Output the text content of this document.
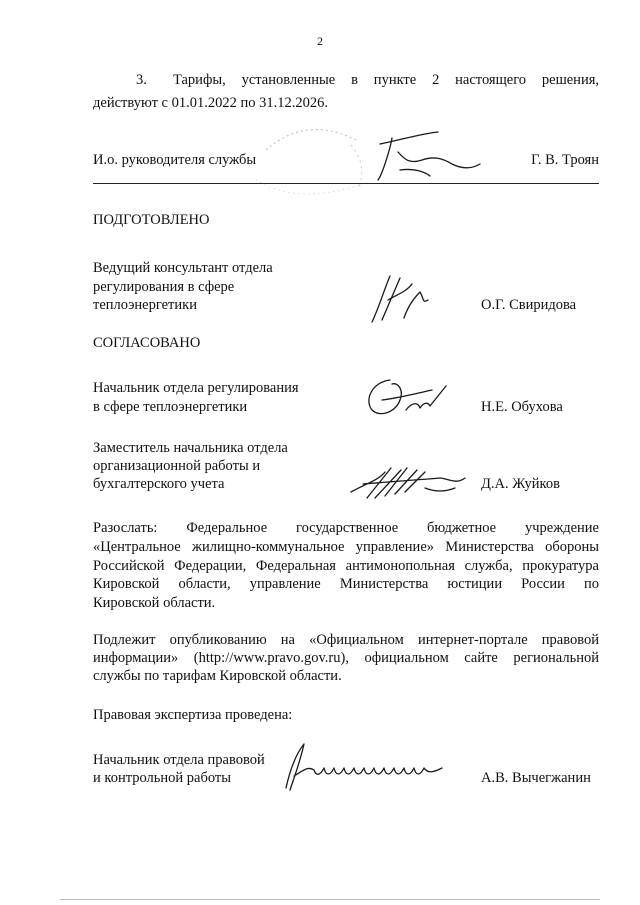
2
3. Тарифы, установленные в пункте 2 настоящего решения,
действуют с 01.01.2022 по 31.12.2026.
И.о. руководителя службы	Г. В. Троян
ПОДГОТОВЛЕНО
Ведущий консультант отдела
регулирования в сфере
теплоэнергетики	О.Г. Свиридова
СОГЛАСОВАНО
Начальник отдела регулирования
в сфере теплоэнергетики	Н.Е. Обухова
Заместитель начальника отдела
организационной работы и
бухгалтерского учета	Д.А. Жуйков
Разослать: Федеральное государственное бюджетное учреждение
«Центральное жилищно-коммунальное управление» Министерства обороны
Российской Федерации, Федеральная антимонопольная служба, прокуратура
Кировской области, управление Министерства юстиции России по
Кировской области.
Подлежит опубликованию на «Официальном интернет-портале правовой
информации» (http://www.pravo.gov.ru), официальном сайте региональной
службы по тарифам Кировской области.
Правовая экспертиза проведена:
Начальник отдела правовой
и контрольной работы	А.В. Вычегжанин
